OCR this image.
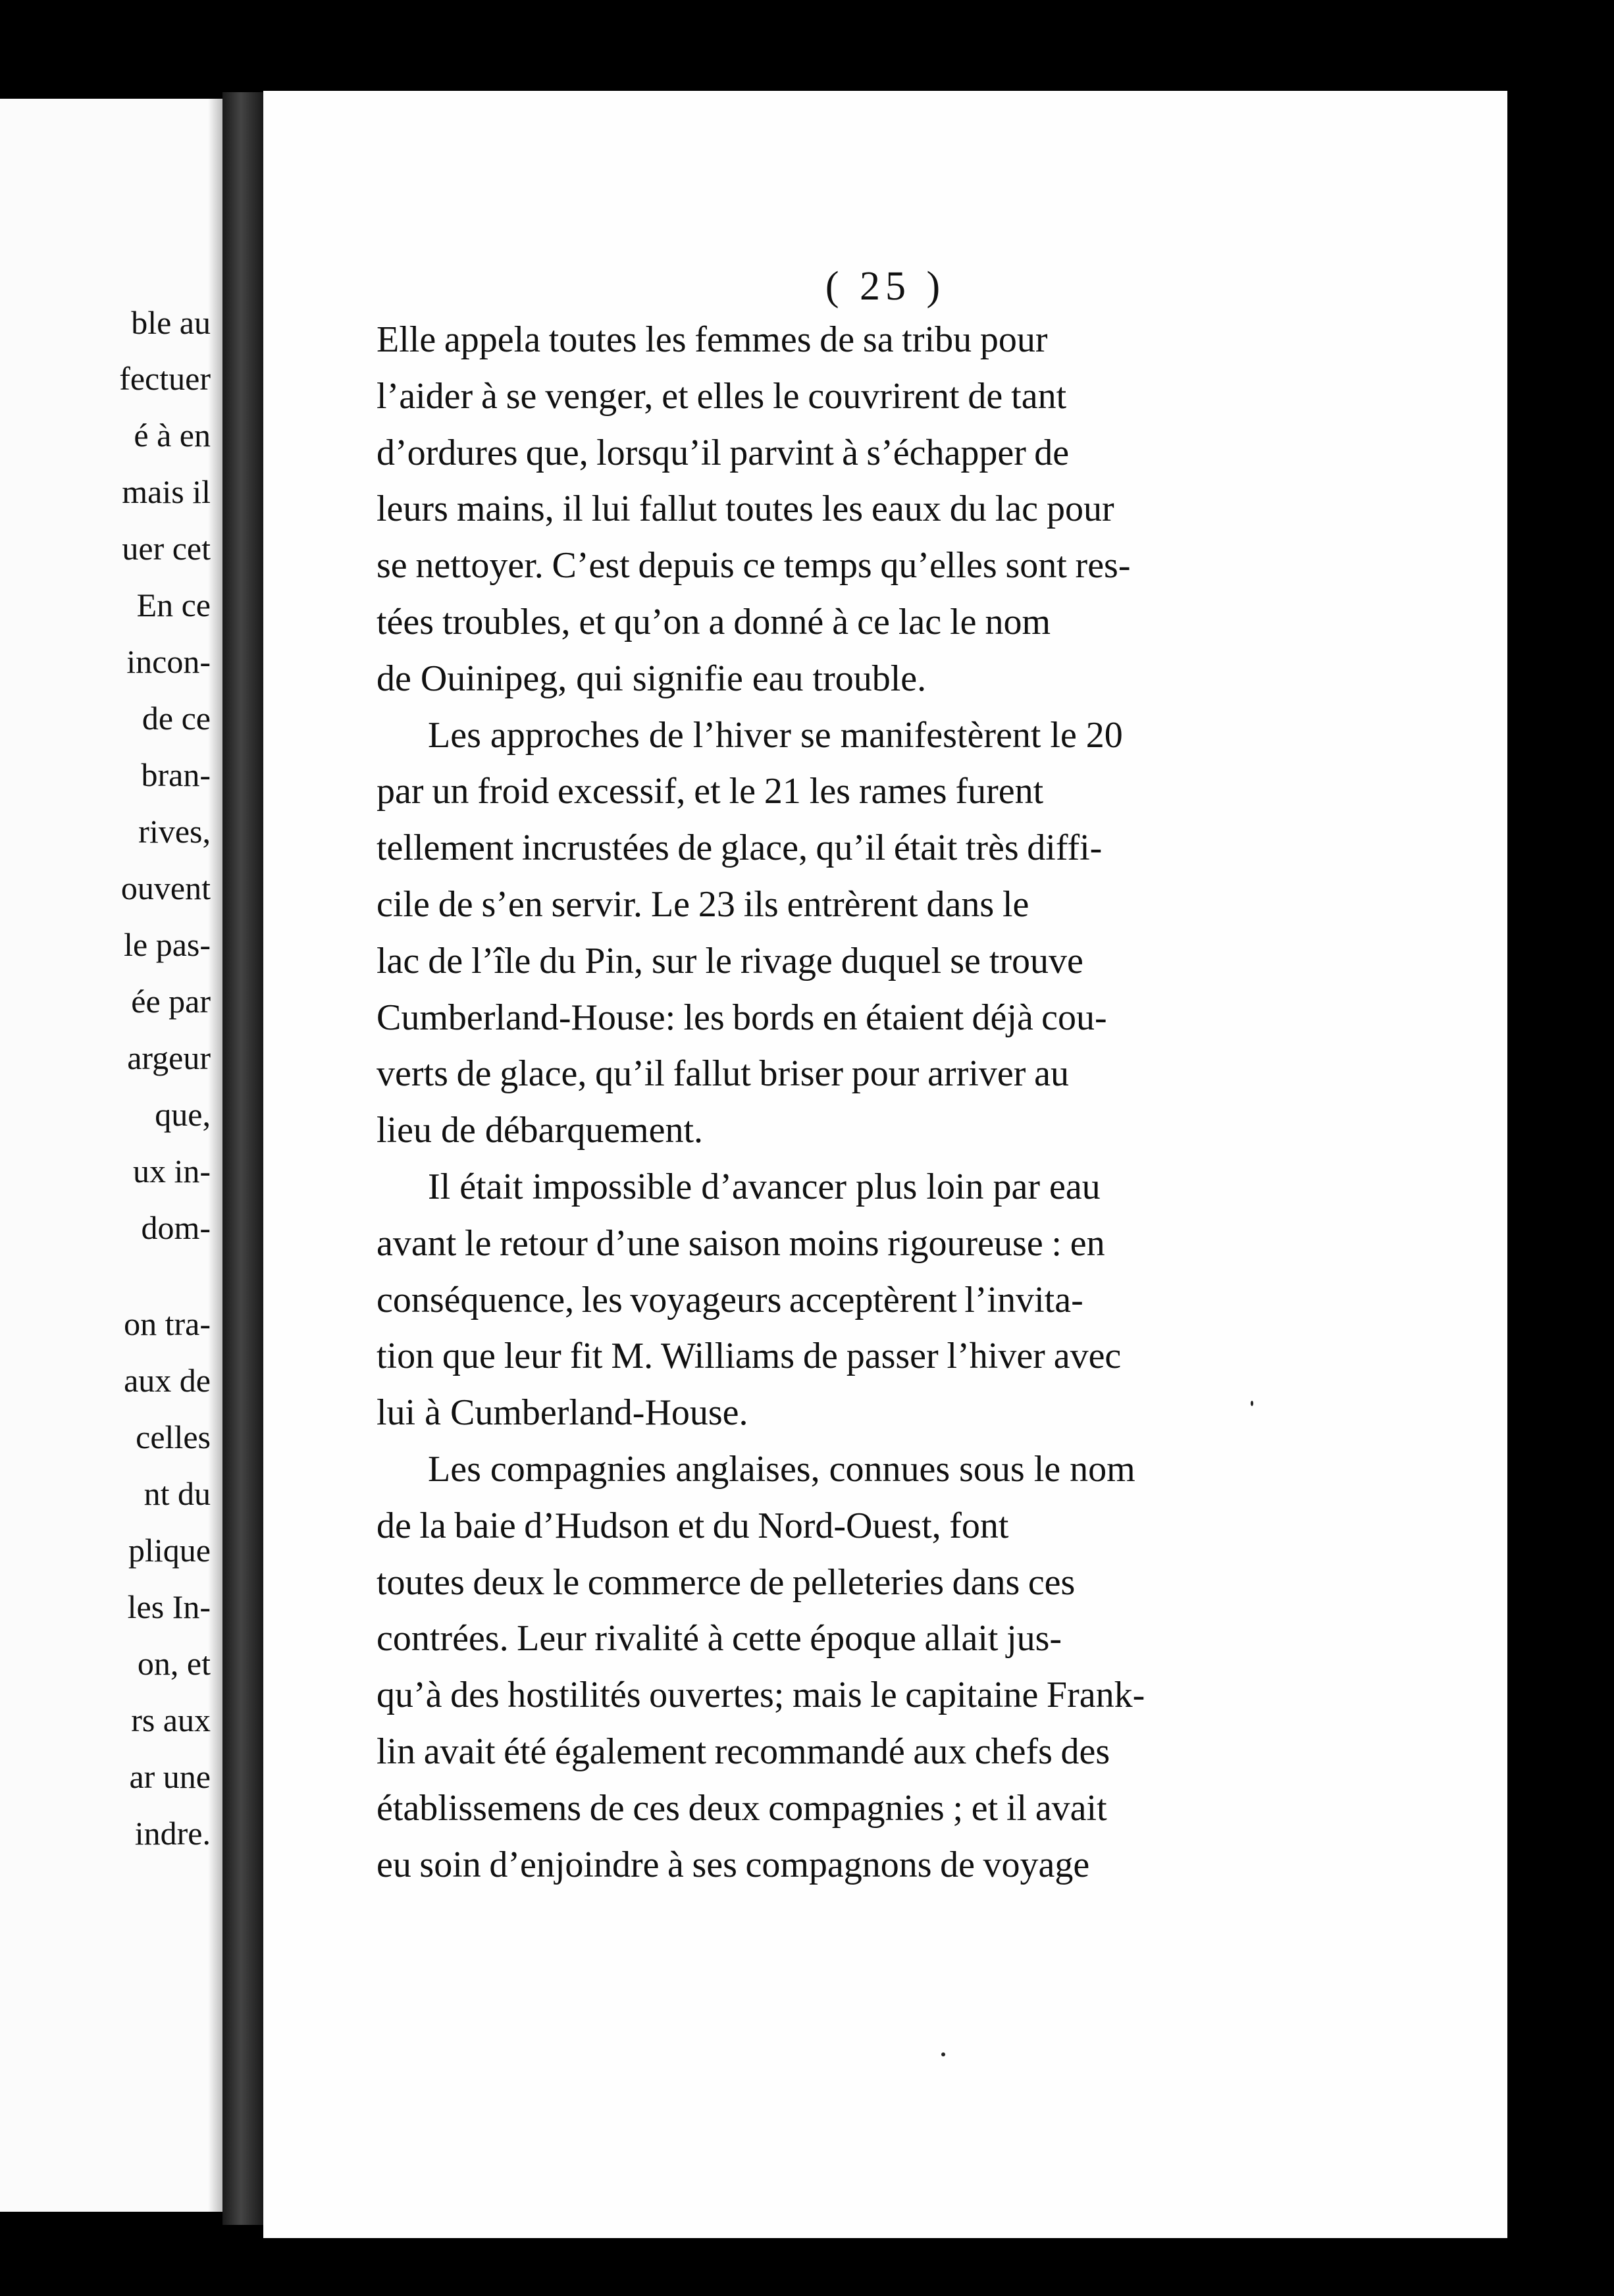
ble au
fectuer
é à en
mais il
uer cet
En ce
incon-
de ce
bran-
rives,
ouvent
le pas-
ée par
argeur
que,
ux in-
dom-
on tra-
aux de
celles
nt du
plique
les In-
on, et
rs aux
ar une
indre.
( 25 )
Elle appela toutes les femmes de sa tribu pour
l’aider à se venger, et elles le couvrirent de tant
d’ordures que, lorsqu’il parvint à s’échapper de
leurs mains, il lui fallut toutes les eaux du lac pour
se nettoyer. C’est depuis ce temps qu’elles sont res-
tées troubles, et qu’on a donné à ce lac le nom
de Ouinipeg, qui signifie eau trouble.
Les approches de l’hiver se manifestèrent le 20
par un froid excessif, et le 21 les rames furent
tellement incrustées de glace, qu’il était très diffi-
cile de s’en servir. Le 23 ils entrèrent dans le
lac de l’île du Pin, sur le rivage duquel se trouve
Cumberland-House: les bords en étaient déjà cou-
verts de glace, qu’il fallut briser pour arriver au
lieu de débarquement.
Il était impossible d’avancer plus loin par eau
avant le retour d’une saison moins rigoureuse : en
conséquence, les voyageurs acceptèrent l’invita-
tion que leur fit M. Williams de passer l’hiver avec
lui à Cumberland-House.
Les compagnies anglaises, connues sous le nom
de la baie d’Hudson et du Nord-Ouest, font
toutes deux le commerce de pelleteries dans ces
contrées. Leur rivalité à cette époque allait jus-
qu’à des hostilités ouvertes; mais le capitaine Frank-
lin avait été également recommandé aux chefs des
établissemens de ces deux compagnies ; et il avait
eu soin d’enjoindre à ses compagnons de voyage
